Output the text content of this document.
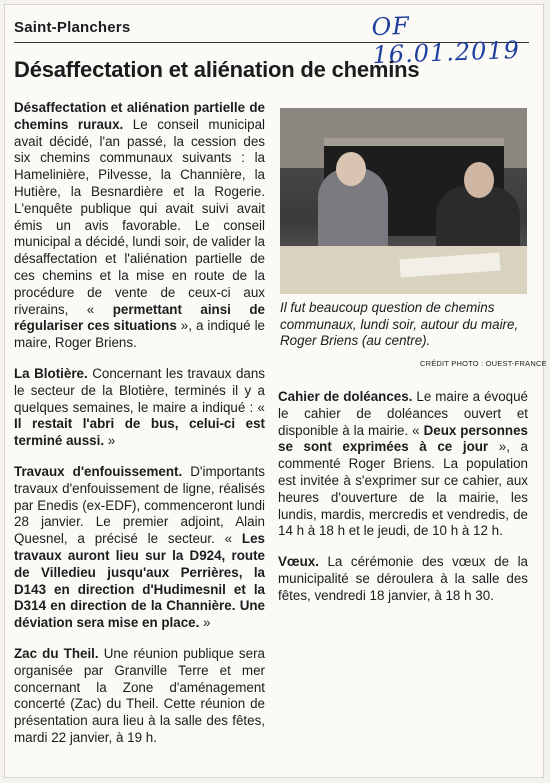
Saint-Planchers	OF 16.01.2019
Désaffectation et aliénation de chemins

Désaffectation et aliénation partielle de chemins ruraux. Le conseil municipal avait décidé, l'an passé, la cession des six chemins communaux suivants : la Hamelinière, Pilvesse, la Channière, la Hutière, la Besnardière et la Rogerie. L'enquête publique qui avait suivi avait émis un avis favorable. Le conseil municipal a décidé, lundi soir, de valider la désaffectation et l'aliénation partielle de ces chemins et la mise en route de la procédure de vente de ceux-ci aux riverains, « permettant ainsi de régulariser ces situations », a indiqué le maire, Roger Briens.

La Blotière. Concernant les travaux dans le secteur de la Blotière, terminés il y a quelques semaines, le maire a indiqué : « Il restait l'abri de bus, celui-ci est terminé aussi. »

Travaux d'enfouissement. D'importants travaux d'enfouissement de ligne, réalisés par Enedis (ex-EDF), commenceront lundi 28 janvier. Le premier adjoint, Alain Quesnel, a précisé le secteur. « Les travaux auront lieu sur la D924, route de Villedieu jusqu'aux Perrières, la D143 en direction d'Hudimesnil et la D314 en direction de la Channière. Une déviation sera mise en place. »

Zac du Theil. Une réunion publique sera organisée par Granville Terre et mer concernant la Zone d'aménagement concerté (Zac) du Theil. Cette réunion de présentation aura lieu à la salle des fêtes, mardi 22 janvier, à 19 h.

Il fut beaucoup question de chemins communaux, lundi soir, autour du maire, Roger Briens (au centre).
CRÉDIT PHOTO : OUEST-FRANCE

Cahier de doléances. Le maire a évoqué le cahier de doléances ouvert et disponible à la mairie. « Deux personnes se sont exprimées à ce jour », a commenté Roger Briens. La population est invitée à s'exprimer sur ce cahier, aux heures d'ouverture de la mairie, les lundis, mardis, mercredis et vendredis, de 14 h à 18 h et le jeudi, de 10 h à 12 h.

Vœux. La cérémonie des vœux de la municipalité se déroulera à la salle des fêtes, vendredi 18 janvier, à 18 h 30.
